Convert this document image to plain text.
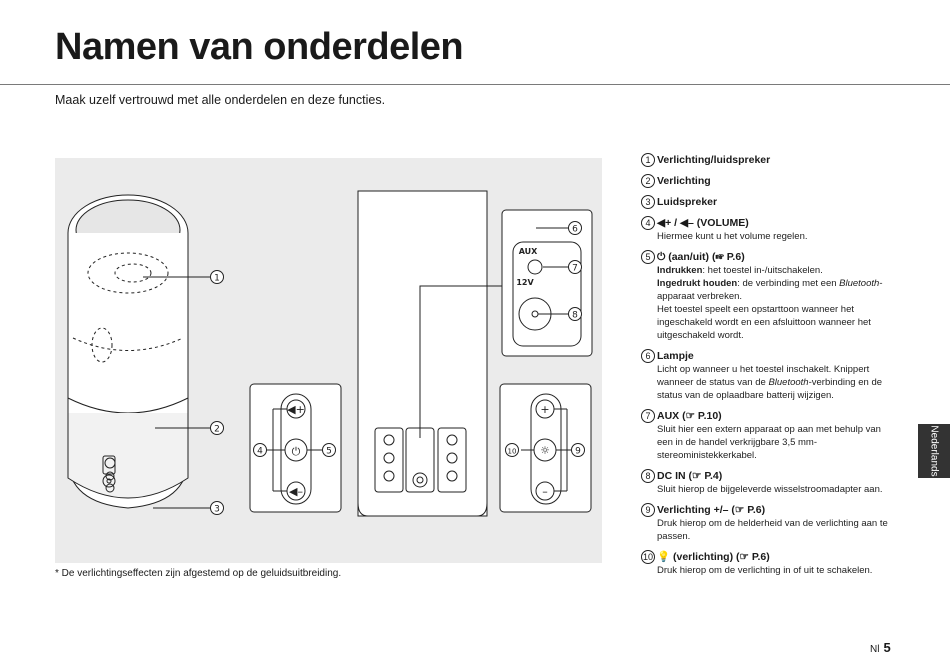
Namen van onderdelen
Maak uzelf vertrouwd met alle onderdelen en deze functies.
◀+
⏻
◀–
+
☼
–
AUX
12V
1
2
3
4	5
6
7
8
9
10
* De verlichtingseffecten zijn afgestemd op de geluidsuitbreiding.
1 Verlichting/luidspreker
2 Verlichting
3 Luidspreker
4 ◀+ / ◀– (VOLUME)
Hiermee kunt u het volume regelen.
5 ⏻ (aan/uit) (☞ P.6)
Indrukken: het toestel in-/uitschakelen.
Ingedrukt houden: de verbinding met een Bluetooth-apparaat verbreken.
Het toestel speelt een opstarttoon wanneer het ingeschakeld wordt en een afsluittoon wanneer het uitgeschakeld wordt.
6 Lampje
Licht op wanneer u het toestel inschakelt. Knippert wanneer de status van de Bluetooth-verbinding en de status van de oplaadbare batterij wijzigen.
7 AUX (☞ P.10)
Sluit hier een extern apparaat op aan met behulp van een in de handel verkrijgbare 3,5 mm-stereoministekkerkabel.
8 DC IN (☞ P.4)
Sluit hierop de bijgeleverde wisselstroomadapter aan.
9 Verlichting +/– (☞ P.6)
Druk hierop om de helderheid van de verlichting aan te passen.
10 💡 (verlichting) (☞ P.6)
Druk hierop om de verlichting in of uit te schakelen.
Nederlands
Nl 5
